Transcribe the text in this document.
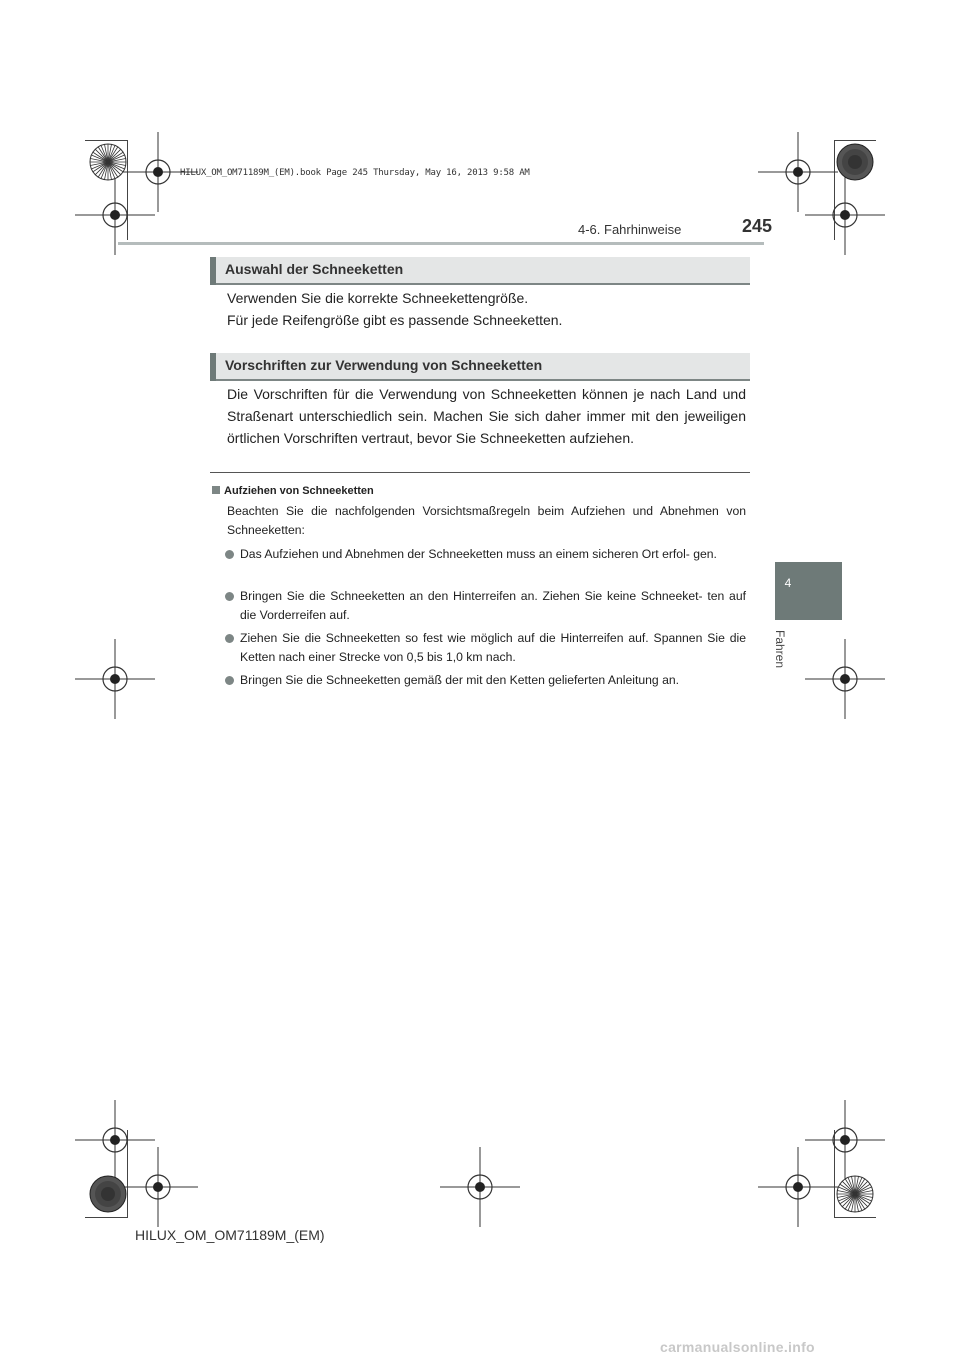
HILUX_OM_OM71189M_(EM).book Page 245 Thursday, May 16, 2013 9:58 AM
4-6. Fahrhinweise	245
4
Fahren
Auswahl der Schneeketten
Verwenden Sie die korrekte Schneekettengröße.
Für jede Reifengröße gibt es passende Schneeketten.
Vorschriften zur Verwendung von Schneeketten
Die Vorschriften für die Verwendung von Schneeketten können je nach Land und Straßenart unterschiedlich sein. Machen Sie sich daher immer mit den jeweiligen örtlichen Vorschriften vertraut, bevor Sie Schneeketten aufziehen.
Aufziehen von Schneeketten
Beachten Sie die nachfolgenden Vorsichtsmaßregeln beim Aufziehen und Abnehmen von Schneeketten:
Das Aufziehen und Abnehmen der Schneeketten muss an einem sicheren Ort erfol- gen.
Bringen Sie die Schneeketten an den Hinterreifen an. Ziehen Sie keine Schneeket- ten auf die Vorderreifen auf.
Ziehen Sie die Schneeketten so fest wie möglich auf die Hinterreifen auf. Spannen Sie die Ketten nach einer Strecke von 0,5 bis 1,0 km nach.
Bringen Sie die Schneeketten gemäß der mit den Ketten gelieferten Anleitung an.
HILUX_OM_OM71189M_(EM)
carmanualsonline.info
